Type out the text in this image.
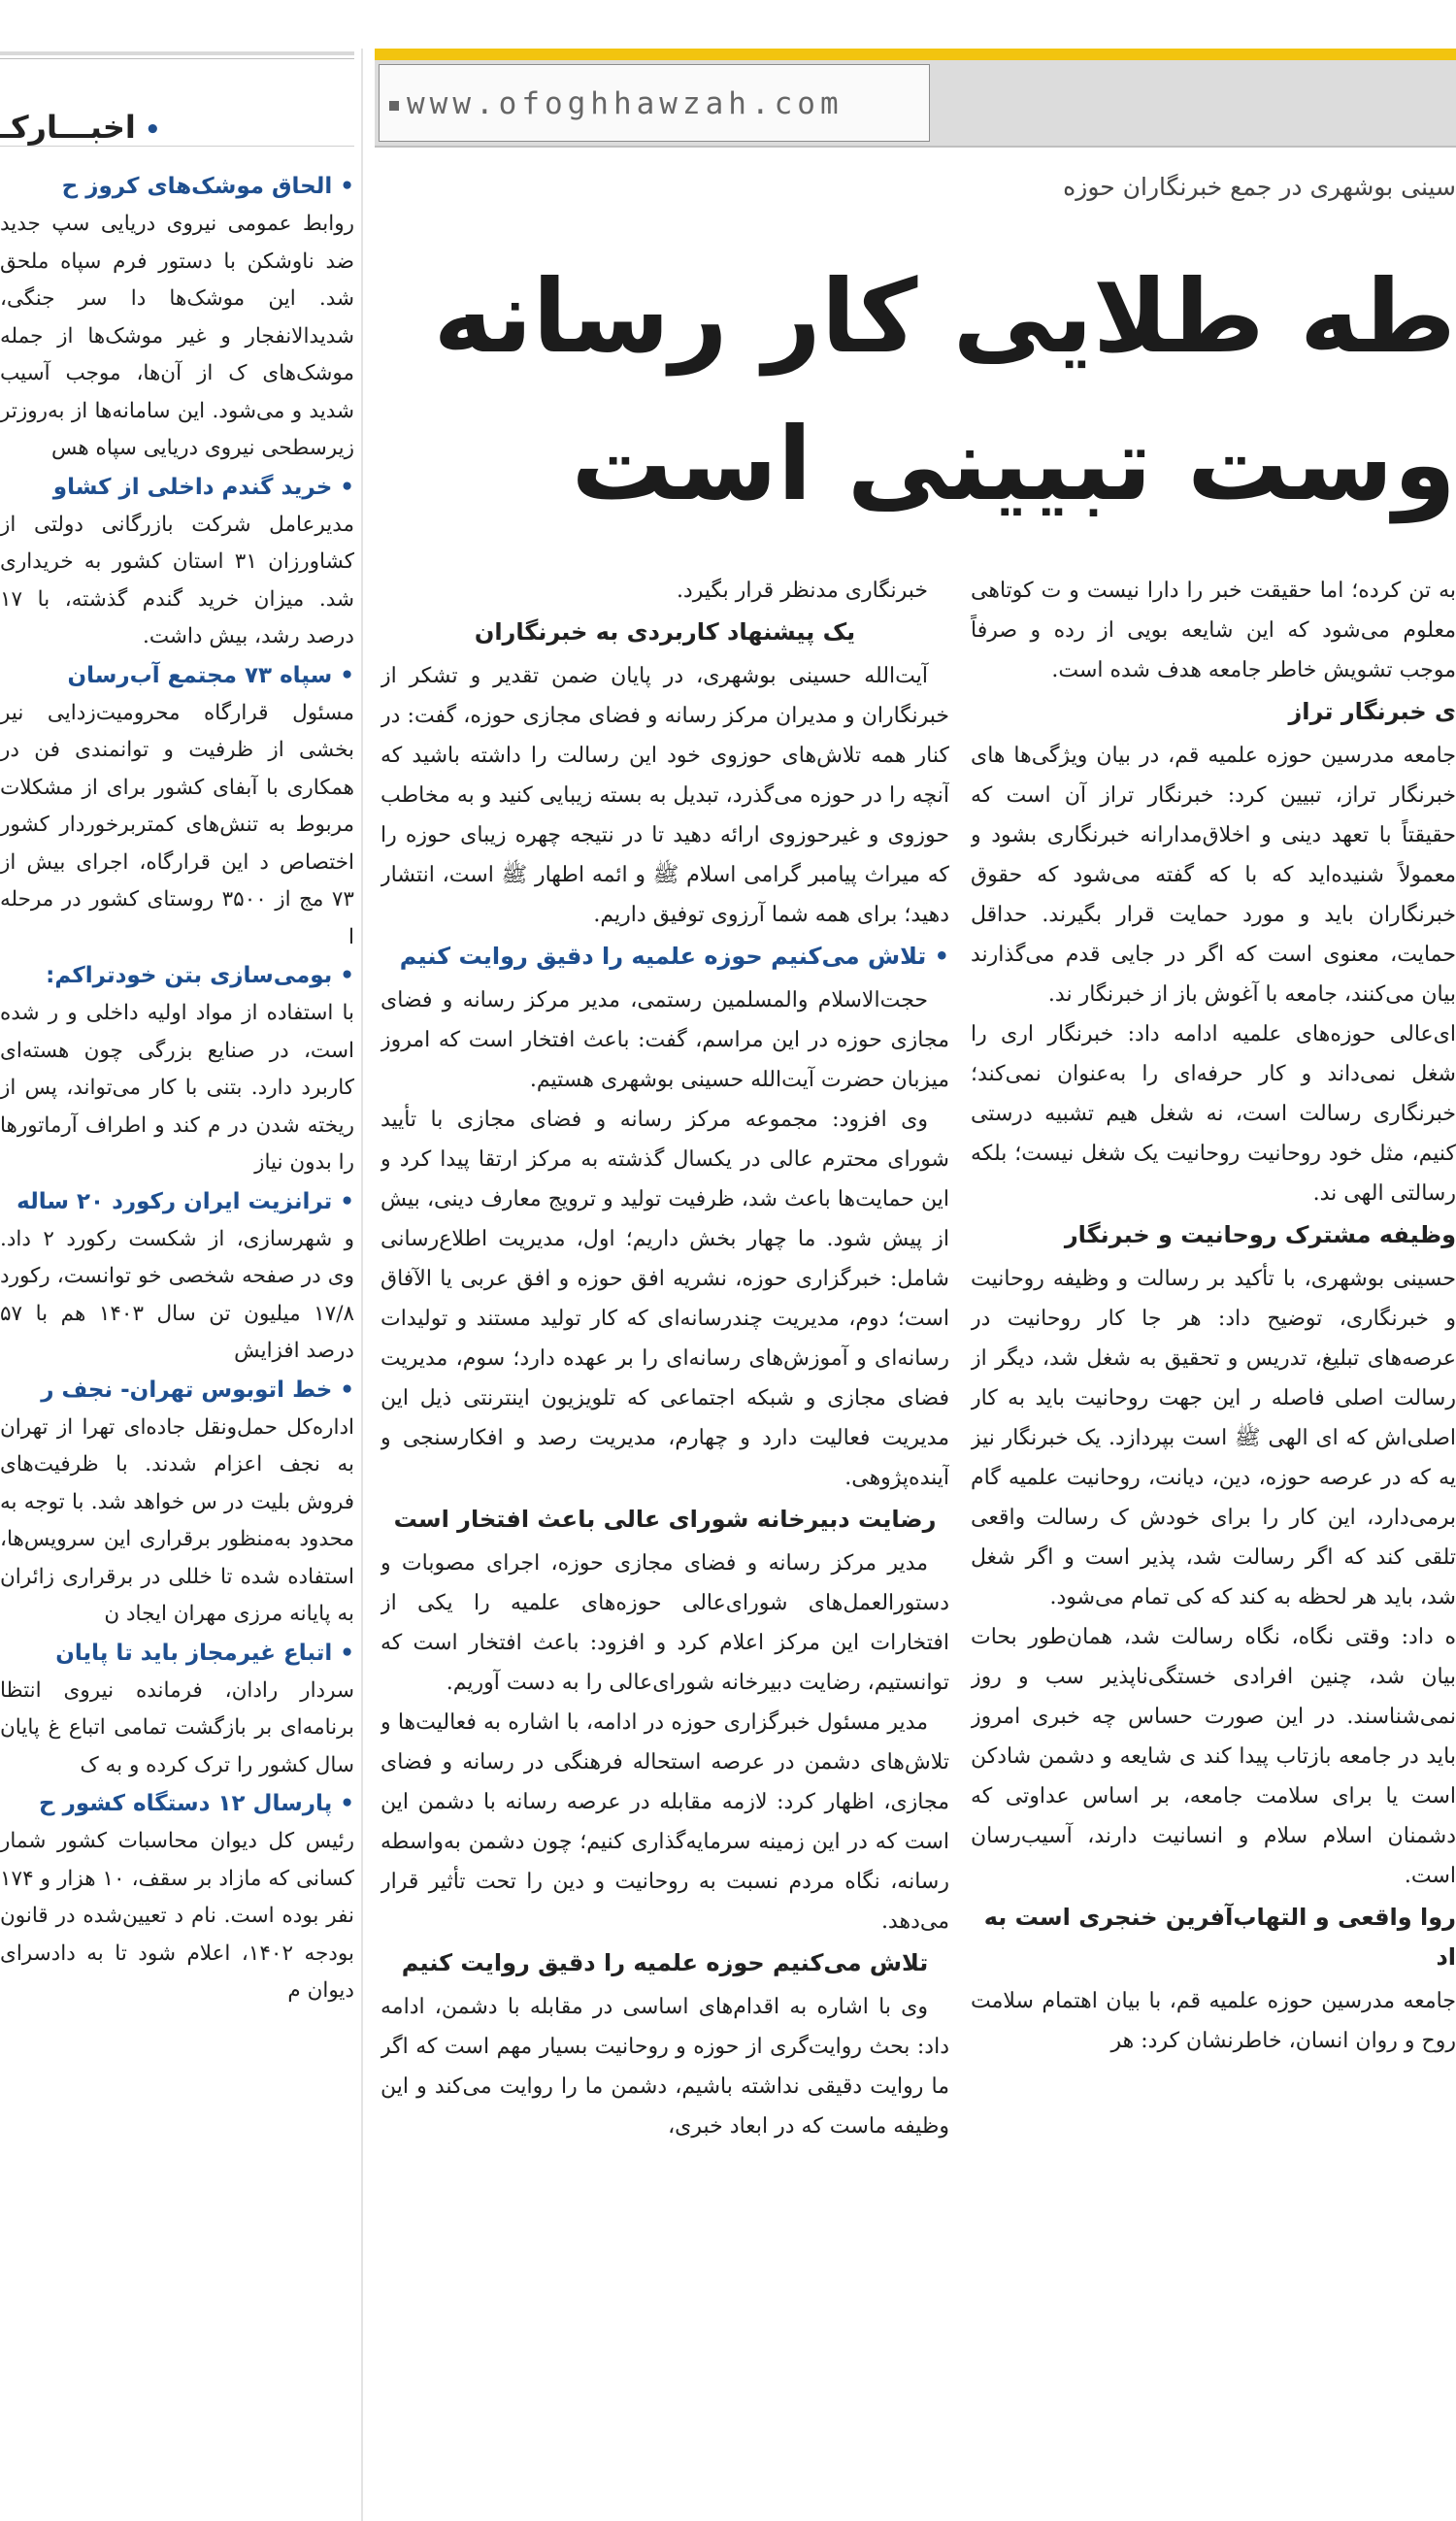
www.ofoghhawzah.com
سینی بوشهری در جمع خبرنگاران حوزه
طه طلایی کار رسانه
وست تبیینی است

به تن کرده؛ اما حقیقت خبر را دارا نیست و ت کوتاهی معلوم می‌شود که این شایعه بویی از رده و صرفاً موجب تشویش خاطر جامعه هدف شده است.

ی خبرنگار تراز

جامعه مدرسین حوزه علمیه قم، در بیان ویژگی‌ها های خبرنگار تراز، تبیین کرد: خبرنگار تراز آن است که حقیقتاً با تعهد دینی و اخلاق‌مدارانه خبرنگاری بشود و معمولاً شنیده‌اید که با که گفته می‌شود که حقوق خبرنگاران باید و مورد حمایت قرار بگیرند. حداقل حمایت، معنوی است که اگر در جایی قدم می‌گذارند بیان می‌کنند، جامعه با آغوش باز از خبرنگار ند.

ای‌عالی حوزه‌های علمیه ادامه داد: خبرنگار اری را شغل نمی‌داند و کار حرفه‌ای را به‌عنوان نمی‌کند؛ خبرنگاری رسالت است، نه شغل هیم تشبیه درستی کنیم، مثل خود روحانیت روحانیت یک شغل نیست؛ بلکه رسالتی الهی ند.

وظیفه مشترک روحانیت و خبرنگار

حسینی بوشهری، با تأکید بر رسالت و وظیفه روحانیت و خبرنگاری، توضیح داد: هر جا کار روحانیت در عرصه‌های تبلیغ، تدریس و تحقیق به شغل شد، دیگر از رسالت اصلی فاصله ر این جهت روحانیت باید به کار اصلی‌اش که ای الهی ﷺ است بپردازد. یک خبرنگار نیز یه که در عرصه حوزه، دین، دیانت، روحانیت علمیه گام برمی‌دارد، این کار را برای خودش ک رسالت واقعی تلقی کند که اگر رسالت شد، پذیر است و اگر شغل شد، باید هر لحظه به کند که کی تمام می‌شود.

ه داد: وقتی نگاه، نگاه رسالت شد، همان‌طور بحات بیان شد، چنین افرادی خستگی‌ناپذیر سب و روز نمی‌شناسند. در این صورت حساس چه خبری امروز باید در جامعه بازتاب پیدا کند ی شایعه و دشمن شادکن است یا برای سلامت جامعه، بر اساس عداوتی که دشمنان اسلام سلام و انسانیت دارند، آسیب‌رسان است.

روا واقعی و التهاب‌آفرین خنجری است به اد

جامعه مدرسین حوزه علمیه قم، با بیان اهتمام سلامت روح و روان انسان، خاطرنشان کرد: هر

خبرنگاری مدنظر قرار بگیرد.

یک پیشنهاد کاربردی به خبرنگاران

آیت‌الله حسینی بوشهری، در پایان ضمن تقدیر و تشکر از خبرنگاران و مدیران مرکز رسانه و فضای مجازی حوزه، گفت: در کنار همه تلاش‌های حوزوی خود این رسالت را داشته باشید که آنچه را در حوزه می‌گذرد، تبدیل به بسته زیبایی کنید و به مخاطب حوزوی و غیرحوزوی ارائه دهید تا در نتیجه چهره زیبای حوزه را که میراث پیامبر گرامی اسلام ﷺ و ائمه اطهار ﷺ است، انتشار دهید؛ برای همه شما آرزوی توفیق داریم.

• تلاش می‌کنیم حوزه علمیه را دقیق روایت کنیم

حجت‌الاسلام والمسلمین رستمی، مدیر مرکز رسانه و فضای مجازی حوزه در این مراسم، گفت: باعث افتخار است که امروز میزبان حضرت آیت‌الله حسینی بوشهری هستیم.

وی افزود: مجموعه مرکز رسانه و فضای مجازی با تأیید شورای محترم عالی در یکسال گذشته به مرکز ارتقا پیدا کرد و این حمایت‌ها باعث شد، ظرفیت تولید و ترویج معارف دینی، بیش از پیش شود. ما چهار بخش داریم؛ اول، مدیریت اطلاع‌رسانی شامل: خبرگزاری حوزه، نشریه افق حوزه و افق عربی یا الآفاق است؛ دوم، مدیریت چندرسانه‌ای که کار تولید مستند و تولیدات رسانه‌ای و آموزش‌های رسانه‌ای را بر عهده دارد؛ سوم، مدیریت فضای مجازی و شبکه اجتماعی که تلویزیون اینترنتی ذیل این مدیریت فعالیت دارد و چهارم، مدیریت رصد و افکارسنجی و آینده‌پژوهی.

رضایت دبیرخانه شورای عالی باعث افتخار است

مدیر مرکز رسانه و فضای مجازی حوزه، اجرای مصوبات و دستورالعمل‌های شورای‌عالی حوزه‌های علمیه را یکی از افتخارات این مرکز اعلام کرد و افزود: باعث افتخار است که توانستیم، رضایت دبیرخانه شورای‌عالی را به دست آوریم.

مدیر مسئول خبرگزاری حوزه در ادامه، با اشاره به فعالیت‌ها و تلاش‌های دشمن در عرصه استحاله فرهنگی در رسانه و فضای مجازی، اظهار کرد: لازمه مقابله در عرصه رسانه با دشمن این است که در این زمینه سرمایه‌گذاری کنیم؛ چون دشمن به‌واسطه رسانه، نگاه مردم نسبت به روحانیت و دین را تحت تأثیر قرار می‌دهد.

تلاش می‌کنیم حوزه علمیه را دقیق روایت کنیم

وی با اشاره به اقدام‌های اساسی در مقابله با دشمن، ادامه داد: بحث روایت‌گری از حوزه و روحانیت بسیار مهم است که اگر ما روایت دقیقی نداشته باشیم، دشمن ما را روایت می‌کند و این وظیفه ماست که در ابعاد خبری،

• اخبـــارکـ
• الحاق موشک‌های کروز ح

روابط عمومی نیروی دریایی سپ جدید ضد ناوشکن با دستور فرم سپاه ملحق شد. این موشک‌ها دا سر جنگی، شدیدالانفجار و غیر موشک‌ها از جمله موشک‌های ک از آن‌ها، موجب آسیب شدید و می‌شود. این سامانه‌ها از به‌روزتر زیرسطحی نیروی دریایی سپاه هس

• خرید گندم داخلی از کشاو

مدیرعامل شرکت بازرگانی دولتی از کشاورزان ۳۱ استان کشور به خریداری شد. میزان خرید گندم گذشته، با ۱۷ درصد رشد، بیش داشت.

• سپاه ۷۳ مجتمع آب‌رسان

مسئول قرارگاه محرومیت‌زدایی نیر بخشی از ظرفیت و توانمندی فن در همکاری با آبفای کشور برای از مشکلات مربوط به تنش‌های کمتربرخوردار کشور اختصاص د این قرارگاه، اجرای بیش از ۷۳ مج از ۳۵۰۰ روستای کشور در مرحله ا

• بومی‌سازی بتن خودتراکم:

با استفاده از مواد اولیه داخلی و ر شده است، در صنایع بزرگی چون هسته‌ای کاربرد دارد. بتنی با کار می‌تواند، پس از ریخته شدن در م کند و اطراف آرماتورها را بدون نیاز

• ترانزیت ایران رکورد ۲۰ ساله

و شهرسازی، از شکست رکورد ۲ داد. وی در صفحه شخصی خو توانست، رکورد ۱۷/۸ میلیون تن سال ۱۴۰۳ هم با ۵۷ درصد افزایش

• خط اتوبوس تهران- نجف ر

اداره‌کل حمل‌ونقل جاده‌ای تهرا از تهران به نجف اعزام شدند. با ظرفیت‌های فروش بلیت در س خواهد شد. با توجه به محدود به‌منظور برقراری این سرویس‌ها، استفاده شده تا خللی در برقراری زائران به پایانه مرزی مهران ایجاد ن

• اتباع غیرمجاز باید تا پایان

سردار رادان، فرمانده نیروی انتظا برنامه‌ای بر بازگشت تمامی اتباع غ پایان سال کشور را ترک کرده و به ک

• پارسال ۱۲ دستگاه کشور ح

رئیس کل دیوان محاسبات کشور شمار کسانی که مازاد بر سقف، ۱۰ هزار و ۱۷۴ نفر بوده است. نام د تعیین‌شده در قانون بودجه ۱۴۰۲، اعلام شود تا به دادسرای دیوان م
